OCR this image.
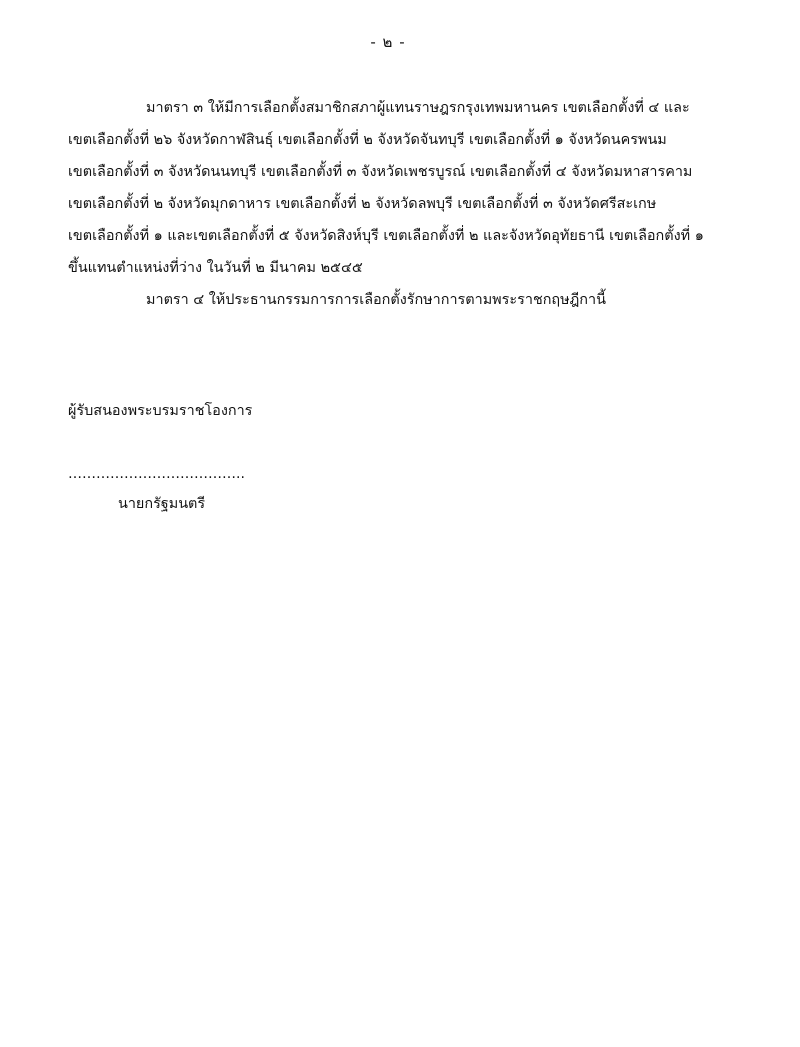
- ๒ -
มาตรา ๓ ให้มีการเลือกตั้งสมาชิกสภาผู้แทนราษฎรกรุงเทพมหานคร เขตเลือกตั้งที่ ๔ และ
เขตเลือกตั้งที่ ๒๖ จังหวัดกาฬสินธุ์ เขตเลือกตั้งที่ ๒ จังหวัดจันทบุรี เขตเลือกตั้งที่ ๑ จังหวัดนครพนม
เขตเลือกตั้งที่ ๓ จังหวัดนนทบุรี เขตเลือกตั้งที่ ๓ จังหวัดเพชรบูรณ์ เขตเลือกตั้งที่ ๔ จังหวัดมหาสารคาม
เขตเลือกตั้งที่ ๒ จังหวัดมุกดาหาร เขตเลือกตั้งที่ ๒ จังหวัดลพบุรี เขตเลือกตั้งที่ ๓ จังหวัดศรีสะเกษ
เขตเลือกตั้งที่ ๑ และเขตเลือกตั้งที่ ๕ จังหวัดสิงห์บุรี เขตเลือกตั้งที่ ๒ และจังหวัดอุทัยธานี เขตเลือกตั้งที่ ๑
ขึ้นแทนตำแหน่งที่ว่าง ในวันที่ ๒ มีนาคม ๒๕๔๕
มาตรา ๔ ให้ประธานกรรมการการเลือกตั้งรักษาการตามพระราชกฤษฎีกานี้
ผู้รับสนองพระบรมราชโองการ
………………………………..
นายกรัฐมนตรี
